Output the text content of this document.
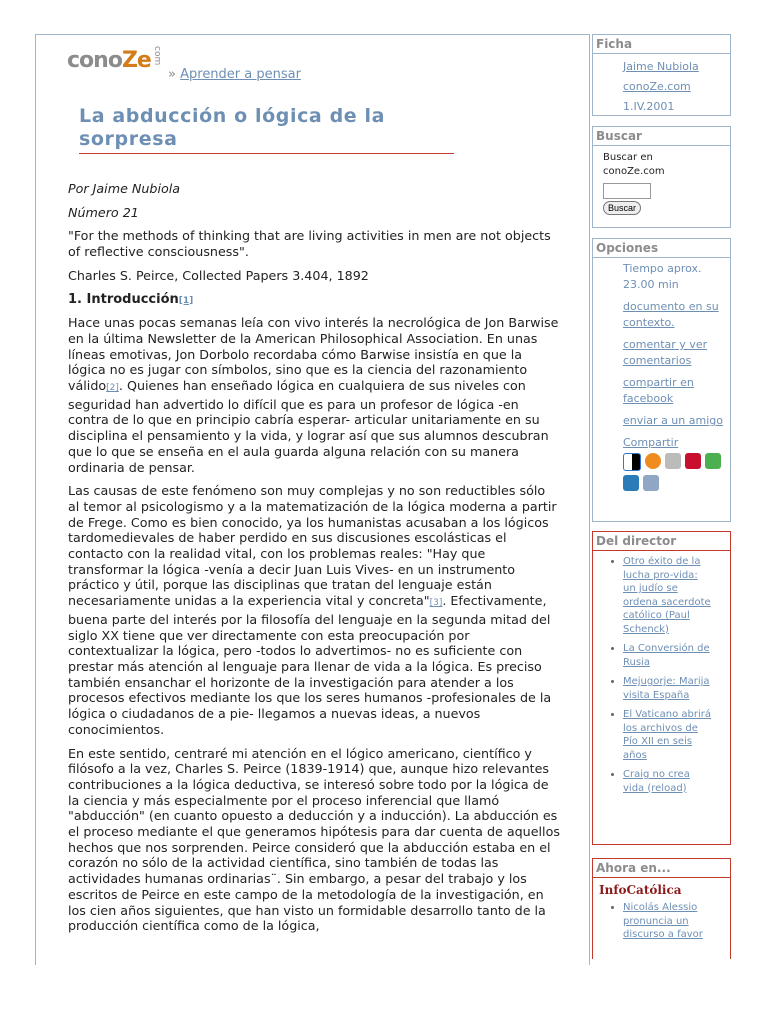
conoZe com
» Aprender a pensar
La abducción o lógica de la sorpresa

Por Jaime Nubiola

Número 21

"For the methods of thinking that are living activities in men are not objects of reflective consciousness".

Charles S. Peirce, Collected Papers 3.404, 1892

1. Introducción[1]

Hace unas pocas semanas leía con vivo interés la necrológica de Jon Barwise en la última Newsletter de la American Philosophical Association. En unas líneas emotivas, Jon Dorbolo recordaba cómo Barwise insistía en que la lógica no es jugar con símbolos, sino que es la ciencia del razonamiento válido[2]. Quienes han enseñado lógica en cualquiera de sus niveles con seguridad han advertido lo difícil que es para un profesor de lógica -en contra de lo que en principio cabría esperar- articular unitariamente en su disciplina el pensamiento y la vida, y lograr así que sus alumnos descubran que lo que se enseña en el aula guarda alguna relación con su manera ordinaria de pensar.

Las causas de este fenómeno son muy complejas y no son reductibles sólo al temor al psicologismo y a la matematización de la lógica moderna a partir de Frege. Como es bien conocido, ya los humanistas acusaban a los lógicos tardomedievales de haber perdido en sus discusiones escolásticas el contacto con la realidad vital, con los problemas reales: "Hay que transformar la lógica -venía a decir Juan Luis Vives- en un instrumento práctico y útil, porque las disciplinas que tratan del lenguaje están necesariamente unidas a la experiencia vital y concreta"[3]. Efectivamente, buena parte del interés por la filosofía del lenguaje en la segunda mitad del siglo XX tiene que ver directamente con esta preocupación por contextualizar la lógica, pero -todos lo advertimos- no es suficiente con prestar más atención al lenguaje para llenar de vida a la lógica. Es preciso también ensanchar el horizonte de la investigación para atender a los procesos efectivos mediante los que los seres humanos -profesionales de la lógica o ciudadanos de a pie- llegamos a nuevas ideas, a nuevos conocimientos.

En este sentido, centraré mi atención en el lógico americano, científico y filósofo a la vez, Charles S. Peirce (1839-1914) que, aunque hizo relevantes contribuciones a la lógica deductiva, se interesó sobre todo por la lógica de la ciencia y más especialmente por el proceso inferencial que llamó "abducción" (en cuanto opuesto a deducción y a inducción). La abducción es el proceso mediante el que generamos hipótesis para dar cuenta de aquellos hechos que nos sorprenden. Peirce consideró que la abducción estaba en el corazón no sólo de la actividad científica, sino también de todas las actividades humanas ordinarias¨. Sin embargo, a pesar del trabajo y los escritos de Peirce en este campo de la metodología de la investigación, en los cien años siguientes, que han visto un formidable desarrollo tanto de la producción científica como de la lógica,

Ficha
Jaime Nubiola
conoZe.com
1.IV.2001
Buscar
Buscar en conoZe.com
Buscar
Opciones
Tiempo aprox. 23.00 min
documento en su contexto.
comentar y ver comentarios
compartir en facebook
enviar a un amigo
Compartir
Del director
• Otro éxito de la lucha pro-vida: un judío se ordena sacerdote católico (Paul Schenck)
• La Conversión de Rusia
• Mejugorje: Marija visita España
• El Vaticano abrirá los archivos de Pío XII en seis años
• Craig no crea vida (reload)
Ahora en...
InfoCatólica
• Nicolás Alessio pronuncia un discurso a favor
